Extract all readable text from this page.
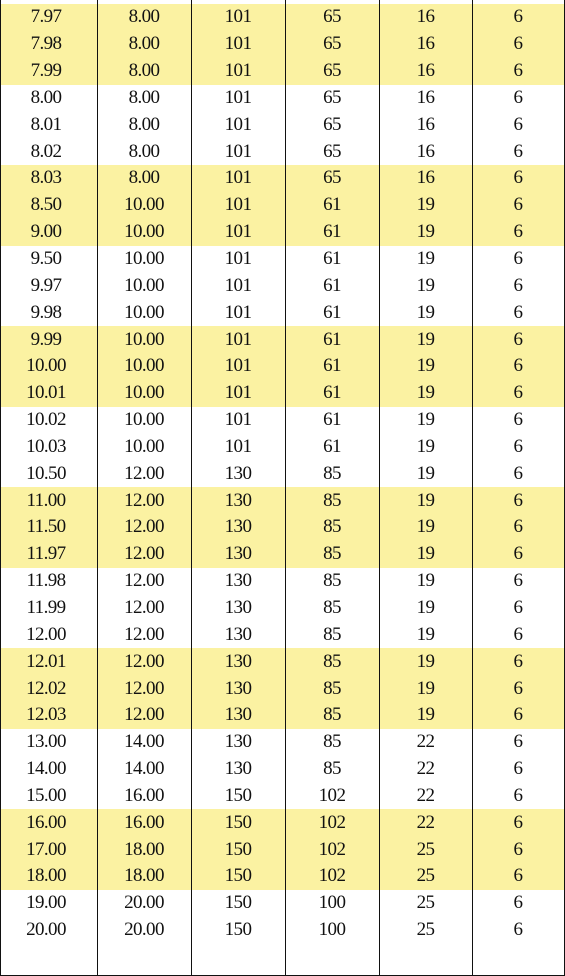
7.97	8.00	101	65	16	6
7.98	8.00	101	65	16	6
7.99	8.00	101	65	16	6
8.00	8.00	101	65	16	6
8.01	8.00	101	65	16	6
8.02	8.00	101	65	16	6
8.03	8.00	101	65	16	6
8.50	10.00	101	61	19	6
9.00	10.00	101	61	19	6
9.50	10.00	101	61	19	6
9.97	10.00	101	61	19	6
9.98	10.00	101	61	19	6
9.99	10.00	101	61	19	6
10.00	10.00	101	61	19	6
10.01	10.00	101	61	19	6
10.02	10.00	101	61	19	6
10.03	10.00	101	61	19	6
10.50	12.00	130	85	19	6
11.00	12.00	130	85	19	6
11.50	12.00	130	85	19	6
11.97	12.00	130	85	19	6
11.98	12.00	130	85	19	6
11.99	12.00	130	85	19	6
12.00	12.00	130	85	19	6
12.01	12.00	130	85	19	6
12.02	12.00	130	85	19	6
12.03	12.00	130	85	19	6
13.00	14.00	130	85	22	6
14.00	14.00	130	85	22	6
15.00	16.00	150	102	22	6
16.00	16.00	150	102	22	6
17.00	18.00	150	102	25	6
18.00	18.00	150	102	25	6
19.00	20.00	150	100	25	6
20.00	20.00	150	100	25	6
